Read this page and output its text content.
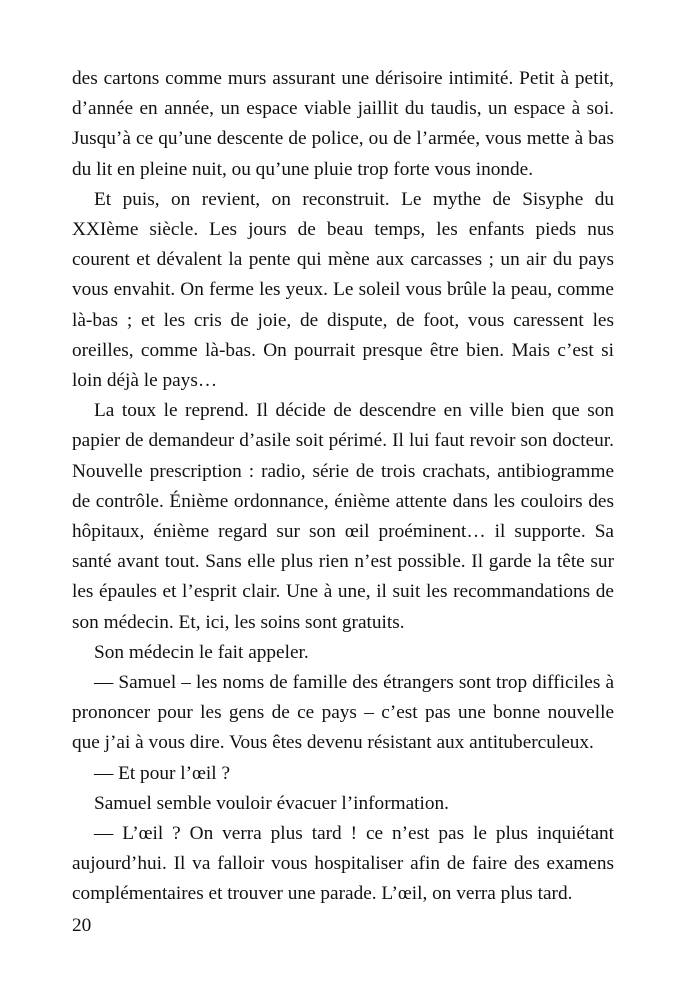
des cartons comme murs assurant une dérisoire intimité. Petit à petit, d’année en année, un espace viable jaillit du taudis, un espace à soi. Jusqu’à ce qu’une descente de police, ou de l’armée, vous mette à bas du lit en pleine nuit, ou qu’une pluie trop forte vous inonde.

Et puis, on revient, on reconstruit. Le mythe de Sisyphe du XXIème siècle. Les jours de beau temps, les enfants pieds nus courent et dévalent la pente qui mène aux carcasses ; un air du pays vous envahit. On ferme les yeux. Le soleil vous brûle la peau, comme là-bas ; et les cris de joie, de dispute, de foot, vous caressent les oreilles, comme là-bas. On pourrait presque être bien. Mais c’est si loin déjà le pays…

La toux le reprend. Il décide de descendre en ville bien que son papier de demandeur d’asile soit périmé. Il lui faut revoir son docteur. Nouvelle prescription : radio, série de trois crachats, antibiogramme de contrôle. Énième ordonnance, énième attente dans les couloirs des hôpitaux, énième regard sur son œil proéminent… il supporte. Sa santé avant tout. Sans elle plus rien n’est possible. Il garde la tête sur les épaules et l’esprit clair. Une à une, il suit les recommandations de son médecin. Et, ici, les soins sont gratuits.

Son médecin le fait appeler.

— Samuel – les noms de famille des étrangers sont trop difficiles à prononcer pour les gens de ce pays – c’est pas une bonne nouvelle que j’ai à vous dire. Vous êtes devenu résistant aux antituberculeux.

— Et pour l’œil ?

Samuel semble vouloir évacuer l’information.

— L’œil ? On verra plus tard ! ce n’est pas le plus inquiétant aujourd’hui. Il va falloir vous hospitaliser afin de faire des examens complémentaires et trouver une parade. L’œil, on verra plus tard.

20
